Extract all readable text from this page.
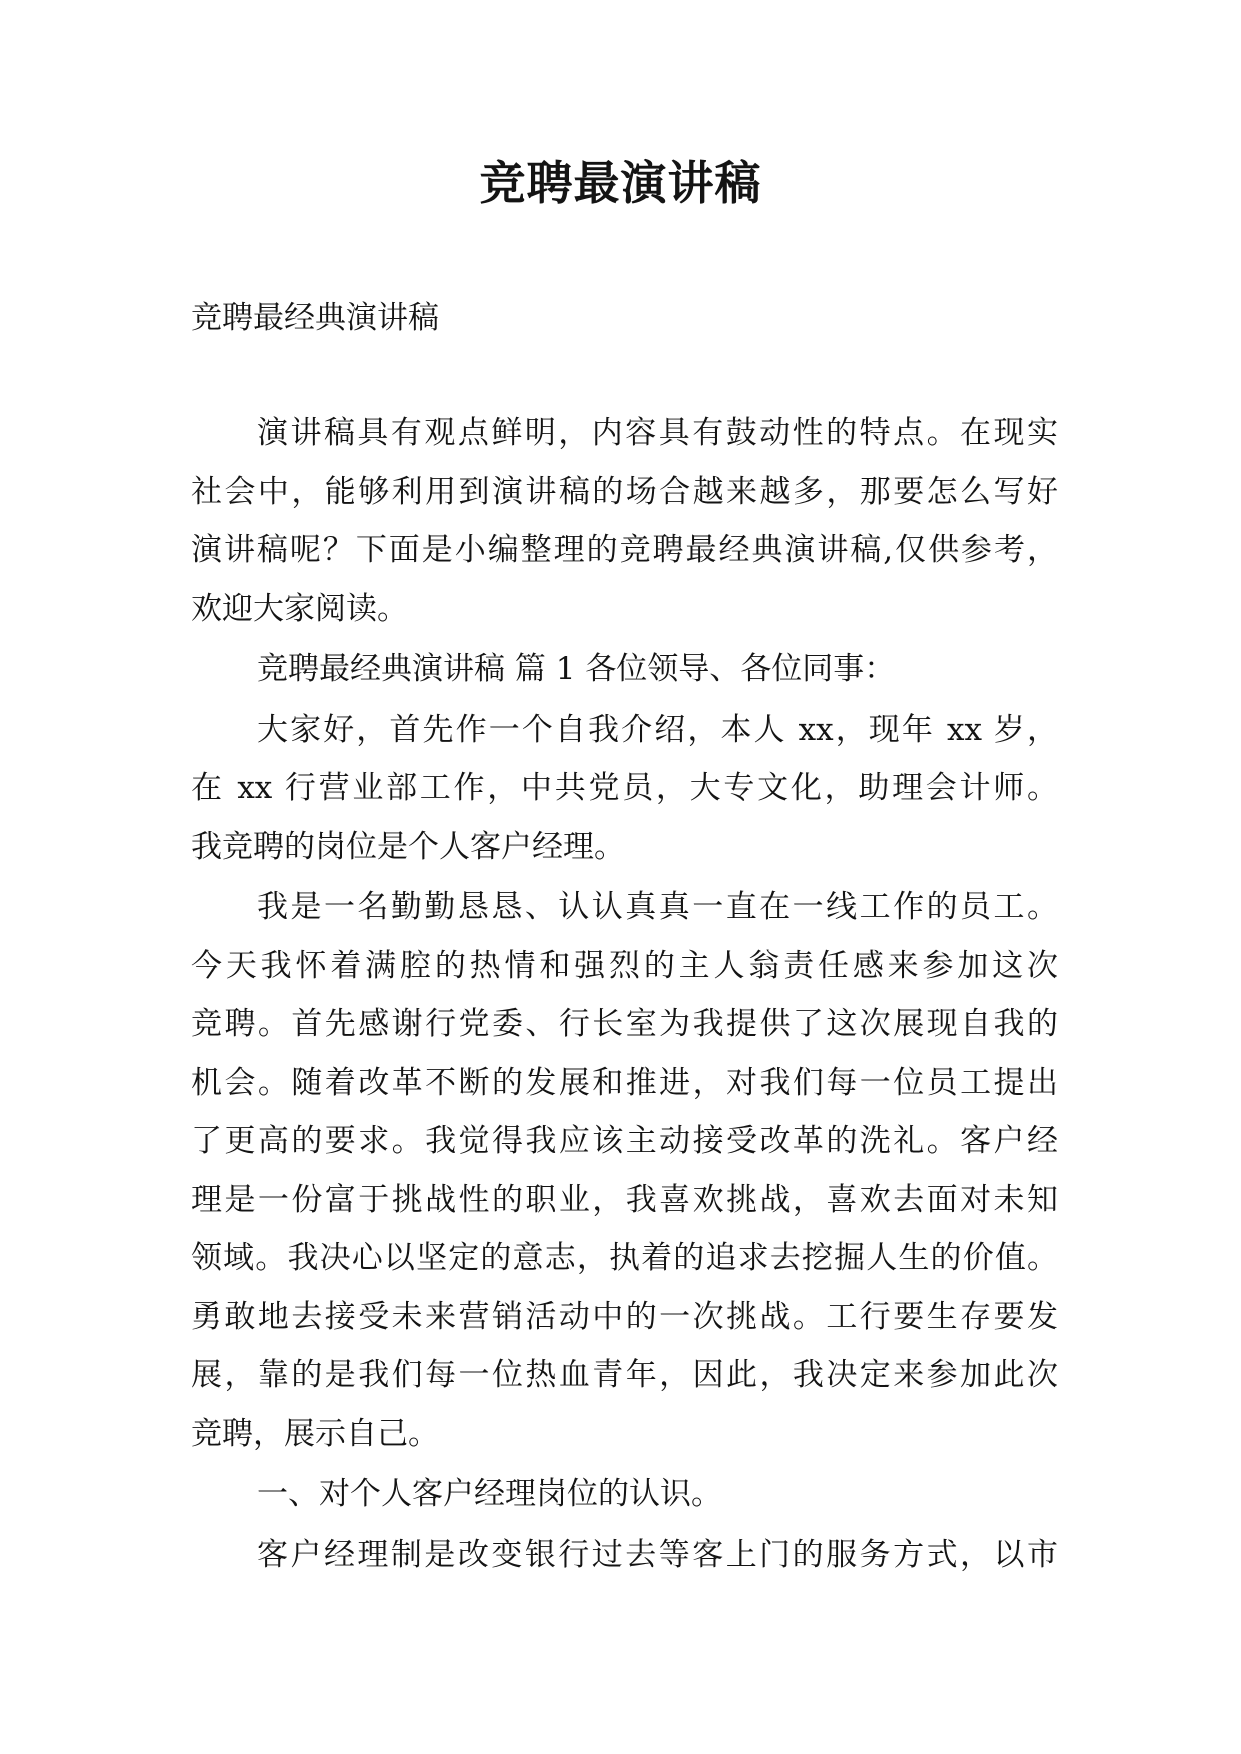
竞聘最演讲稿
竞聘最经典演讲稿
演讲稿具有观点鲜明，内容具有鼓动性的特点。在现实
社会中，能够利用到演讲稿的场合越来越多，那要怎么写好
演讲稿呢？下面是小编整理的竞聘最经典演讲稿,仅供参考，
欢迎大家阅读。
竞聘最经典演讲稿 篇 1 各位领导、各位同事：
大家好，首先作一个自我介绍，本人 xx，现年 xx 岁，
在 xx 行营业部工作，中共党员，大专文化，助理会计师。
我竞聘的岗位是个人客户经理。
我是一名勤勤恳恳、认认真真一直在一线工作的员工。
今天我怀着满腔的热情和强烈的主人翁责任感来参加这次
竞聘。首先感谢行党委、行长室为我提供了这次展现自我的
机会。随着改革不断的发展和推进，对我们每一位员工提出
了更高的要求。我觉得我应该主动接受改革的洗礼。客户经
理是一份富于挑战性的职业，我喜欢挑战，喜欢去面对未知
领域。我决心以坚定的意志，执着的追求去挖掘人生的价值。
勇敢地去接受未来营销活动中的一次挑战。工行要生存要发
展，靠的是我们每一位热血青年，因此，我决定来参加此次
竞聘，展示自己。
一、对个人客户经理岗位的认识。
客户经理制是改变银行过去等客上门的服务方式，以市
